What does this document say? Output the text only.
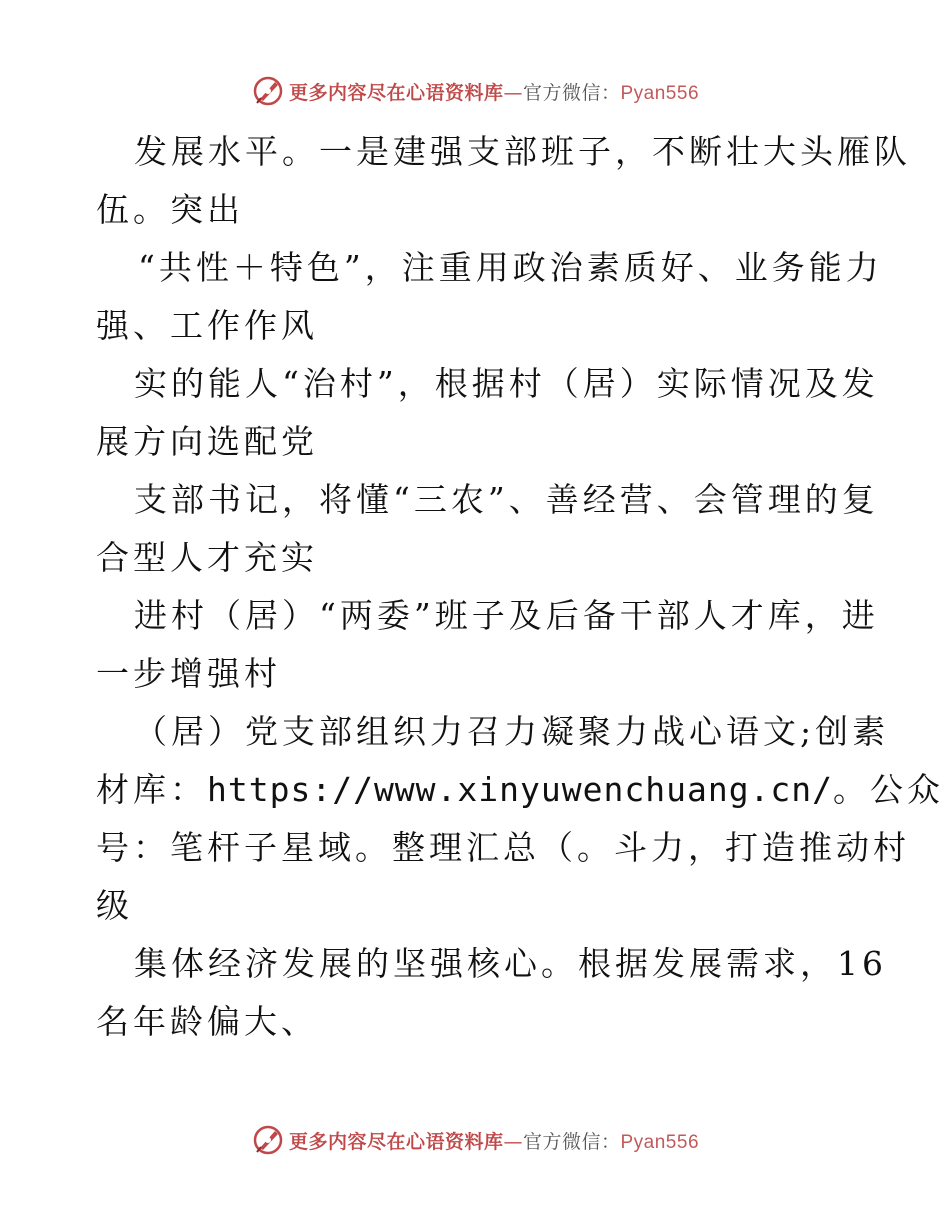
更多内容尽在心语资料库—官方微信：Pyan556
发展水平。一是建强支部班子，不断壮大头雁队
伍。突出
“共性＋特色”，注重用政治素质好、业务能力
强、工作作风
实的能人“治村”，根据村（居）实际情况及发
展方向选配党
支部书记，将懂“三农”、善经营、会管理的复
合型人才充实
进村（居）“两委”班子及后备干部人才库，进
一步增强村
（居）党支部组织力召力凝聚力战心语文;创素
材库：https://www.xinyuwenchuang.cn/。公众
号：笔杆子星域。整理汇总（。斗力，打造推动村
级
集体经济发展的坚强核心。根据发展需求，16
名年龄偏大、
更多内容尽在心语资料库—官方微信：Pyan556
